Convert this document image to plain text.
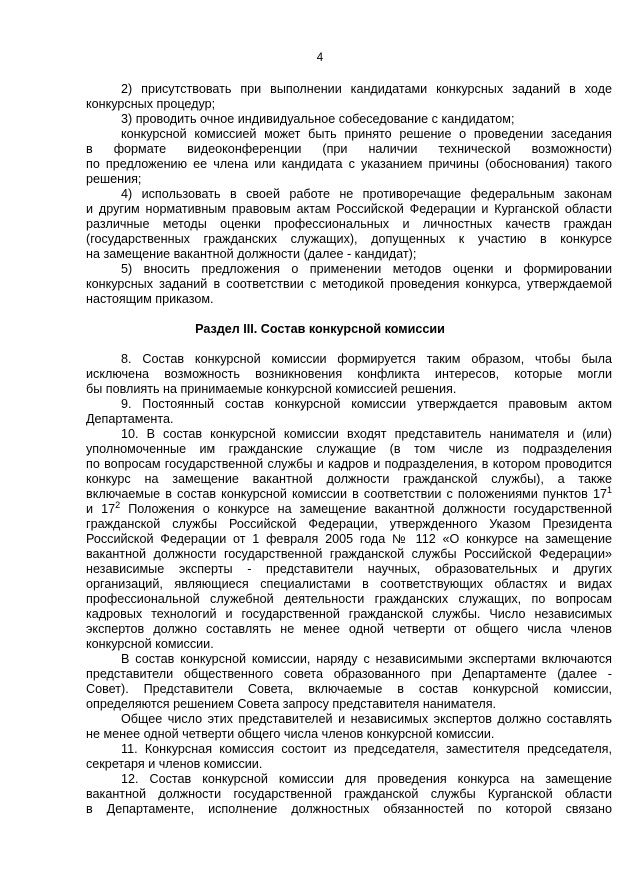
4

2) присутствовать при выполнении кандидатами конкурсных заданий в ходе

конкурсных процедур;

3) проводить очное индивидуальное собеседование с кандидатом;

конкурсной комиссией может быть принято решение о проведении заседания

в формате видеоконференции (при наличии технической возможности)

по предложению ее члена или кандидата с указанием причины (обоснования) такого

решения;

4) использовать в своей работе не противоречащие федеральным законам

и другим нормативным правовым актам Российской Федерации и Курганской области

различные методы оценки профессиональных и личностных качеств граждан

(государственных гражданских служащих), допущенных к участию в конкурсе

на замещение вакантной должности (далее - кандидат);

5) вносить предложения о применении методов оценки и формировании

конкурсных заданий в соответствии с методикой проведения конкурса, утверждаемой

настоящим приказом.

Раздел III. Состав конкурсной комиссии

8. Состав конкурсной комиссии формируется таким образом, чтобы была

исключена возможность возникновения конфликта интересов, которые могли

бы повлиять на принимаемые конкурсной комиссией решения.

9. Постоянный состав конкурсной комиссии утверждается правовым актом

Департамента.

10. В состав конкурсной комиссии входят представитель нанимателя и (или)

уполномоченные им гражданские служащие (в том числе из подразделения

по вопросам государственной службы и кадров и подразделения, в котором проводится

конкурс на замещение вакантной должности гражданской службы), а также

включаемые в состав конкурсной комиссии в соответствии с положениями пунктов $17^1$

и $17^2$ Положения о конкурсе на замещение вакантной должности государственной

гражданской службы Российской Федерации, утвержденного Указом Президента

Российской Федерации от 1 февраля 2005 года № 112 «О конкурсе на замещение

вакантной должности государственной гражданской службы Российской Федерации»

независимые эксперты - представители научных, образовательных и других

организаций, являющиеся специалистами в соответствующих областях и видах

профессиональной служебной деятельности гражданских служащих, по вопросам

кадровых технологий и государственной гражданской службы. Число независимых

экспертов должно составлять не менее одной четверти от общего числа членов

конкурсной комиссии.

В состав конкурсной комиссии, наряду с независимыми экспертами включаются

представители общественного совета образованного при Департаменте (далее -

Совет). Представители Совета, включаемые в состав конкурсной комиссии,

определяются решением Совета запросу представителя нанимателя.

Общее число этих представителей и независимых экспертов должно составлять

не менее одной четверти общего числа членов конкурсной комиссии.

11. Конкурсная комиссия состоит из председателя, заместителя председателя,

секретаря и членов комиссии.

12. Состав конкурсной комиссии для проведения конкурса на замещение

вакантной должности государственной гражданской службы Курганской области

в Департаменте, исполнение должностных обязанностей по которой связано
